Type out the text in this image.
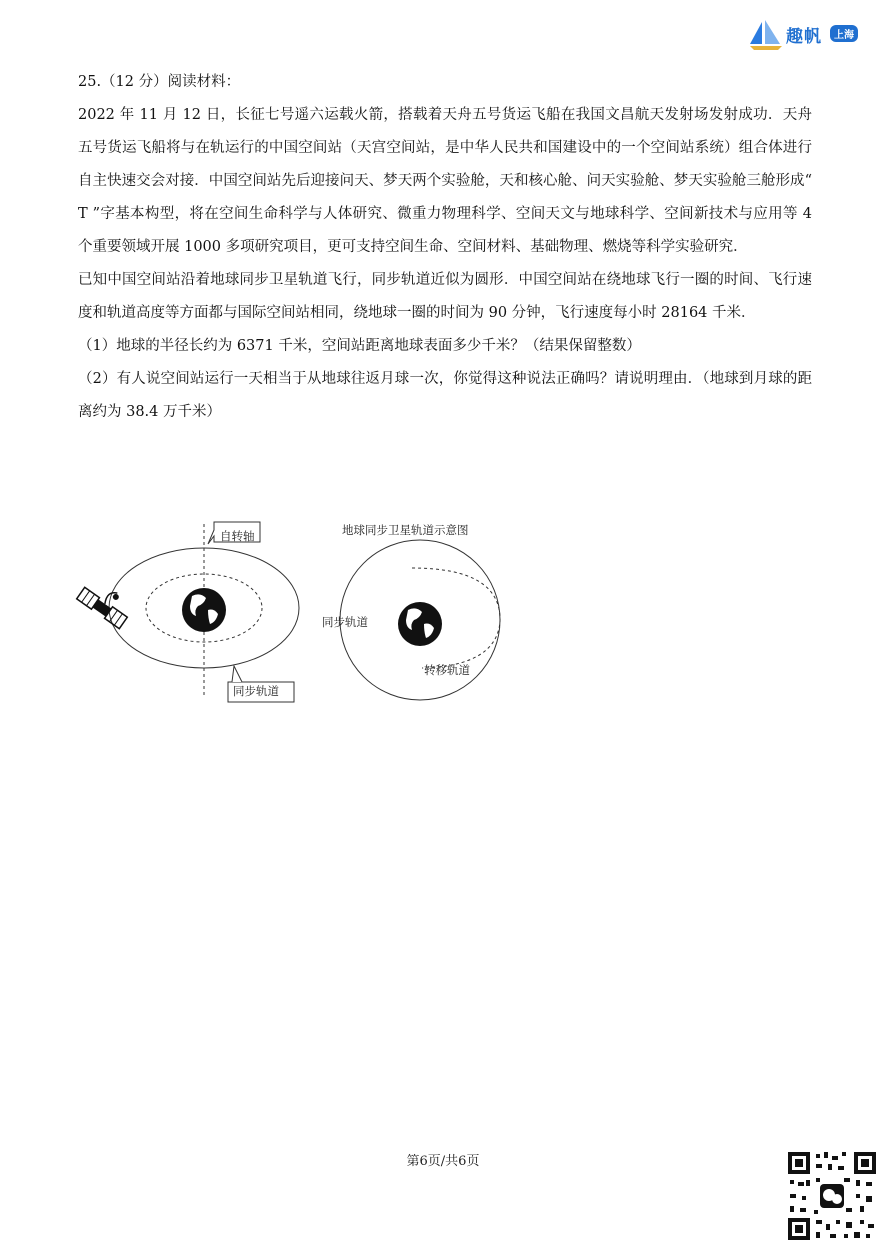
趣帆	上海

25.（12 分）阅读材料：

2022 年 11 月 12 日，长征七号遥六运载火箭，搭载着天舟五号货运飞船在我国文昌航天发射场发射成功．天舟五号货运飞船将与在轨运行的中国空间站（天宫空间站，是中华人民共和国建设中的一个空间站系统）组合体进行自主快速交会对接．中国空间站先后迎接问天、梦天两个实验舱，天和核心舱、问天实验舱、梦天实验舱三舱形成“ T ”字基本构型，将在空间生命科学与人体研究、微重力物理科学、空间天文与地球科学、空间新技术与应用等 4 个重要领域开展 1000 多项研究项目，更可支持空间生命、空间材料、基础物理、燃烧等科学实验研究．

已知中国空间站沿着地球同步卫星轨道飞行，同步轨道近似为圆形．中国空间站在绕地球飞行一圈的时间、飞行速度和轨道高度等方面都与国际空间站相同，绕地球一圈的时间为 90 分钟，飞行速度每小时 28164 千米．

（1）地球的半径长约为 6371 千米，空间站距离地球表面多少千米？（结果保留整数）

（2）有人说空间站运行一天相当于从地球往返月球一次，你觉得这种说法正确吗？请说明理由．（地球到月球的距离约为 38.4 万千米）

自转轴
同步轨道
地球同步卫星轨道示意图
同步轨道
转移轨道
第6页/共6页
